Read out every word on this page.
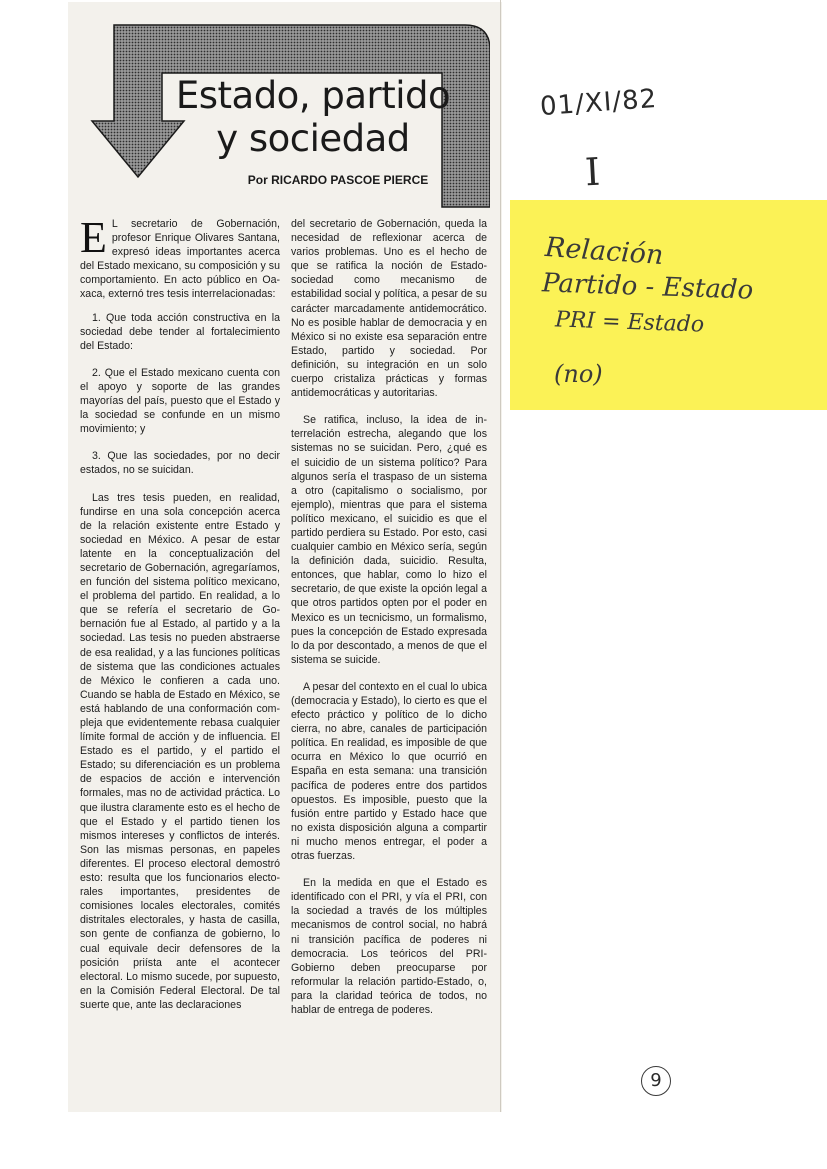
Estado, partido
y sociedad
Por RICARDO PASCOE PIERCE

E L secretario de Gobernación, profesor Enrique Olivares Santana, expresó ideas importantes acerca del Estado mexicano, su composición y su comportamiento. En acto público en Oaxaca, externó tres tesis interrelacionadas:

1. Que toda acción constructiva en la sociedad debe tender al fortalecimiento del Estado:

2. Que el Estado mexicano cuenta con el apoyo y soporte de las grandes mayorías del país, puesto que el Estado y la sociedad se confunde en un mismo movimiento; y

3. Que las sociedades, por no decir estados, no se suicidan.

Las tres tesis pueden, en realidad, fundirse en una sola concepción acerca de la relación existente entre Estado y sociedad en México. A pesar de estar latente en la conceptualización del secretario de Gobernación, agregaríamos, en función del sistema político mexicano, el problema del partido. En realidad, a lo que se refería el secretario de Gobernación fue al Estado, al partido y a la sociedad. Las tesis no pueden abstraerse de esa realidad, y a las funciones políticas de sistema que las condiciones actuales de México le confieren a cada uno. Cuando se habla de Estado en México, se está hablando de una conformación compleja que evidentemente rebasa cualquier límite formal de acción y de influencia. El Estado es el partido, y el partido el Estado; su diferenciación es un problema de espacios de acción e intervención formales, mas no de actividad práctica. Lo que ilustra claramente esto es el hecho de que el Estado y el partido tienen los mismos intereses y conflictos de interés. Son las mismas personas, en papeles diferentes. El proceso electoral demostró esto: resulta que los funcionarios electorales importantes, presidentes de comisiones locales electorales, comités distritales electorales, y hasta de casilla, son gente de confianza de gobierno, lo cual equivale decir defensores de la posición priísta ante el acontecer electoral. Lo mismo sucede, por supuesto, en la Comisión Federal Electoral. De tal suerte que, ante las declaraciones

del secretario de Gobernación, queda la necesidad de reflexionar acerca de varios problemas. Uno es el hecho de que se ratifica la noción de Estado-sociedad como mecanismo de estabilidad social y política, a pesar de su carácter marcadamente antidemocrático. No es posible hablar de democracia y en México si no existe esa separación entre Estado, partido y sociedad. Por definición, su integración en un solo cuerpo cristaliza prácticas y formas antidemocráticas y autoritarias.

Se ratifica, incluso, la idea de interrelación estrecha, alegando que los sistemas no se suicidan. Pero, ¿qué es el suicidio de un sistema político? Para algunos sería el traspaso de un sistema a otro (capitalismo o socialismo, por ejemplo), mientras que para el sistema político mexicano, el suicidio es que el partido perdiera su Estado. Por esto, casi cualquier cambio en México sería, según la definición dada, suicidio. Resulta, entonces, que hablar, como lo hizo el secretario, de que existe la opción legal a que otros partidos opten por el poder en Mexico es un tecnicismo, un formalismo, pues la concepción de Estado expresada lo da por descontado, a menos de que el sistema se suicide.

A pesar del contexto en el cual lo ubica (democracia y Estado), lo cierto es que el efecto práctico y político de lo dicho cierra, no abre, canales de participación política. En realidad, es imposible de que ocurra en México lo que ocurrió en España en esta semana: una transición pacífica de poderes entre dos partidos opuestos. Es imposible, puesto que la fusión entre partido y Estado hace que no exista disposición alguna a compartir ni mucho menos entregar, el poder a otras fuerzas.

En la medida en que el Estado es identificado con el PRI, y vía el PRI, con la sociedad a través de los múltiples mecanismos de control social, no habrá ni transición pacífica de poderes ni democracia. Los teóricos del PRI-Gobierno deben preocuparse por reformular la relación partido-Estado, o, para la claridad teórica de todos, no hablar de entrega de poderes.

01/XI/82
I
Relación
Partido - Estado
PRI = Estado
(no)
9
